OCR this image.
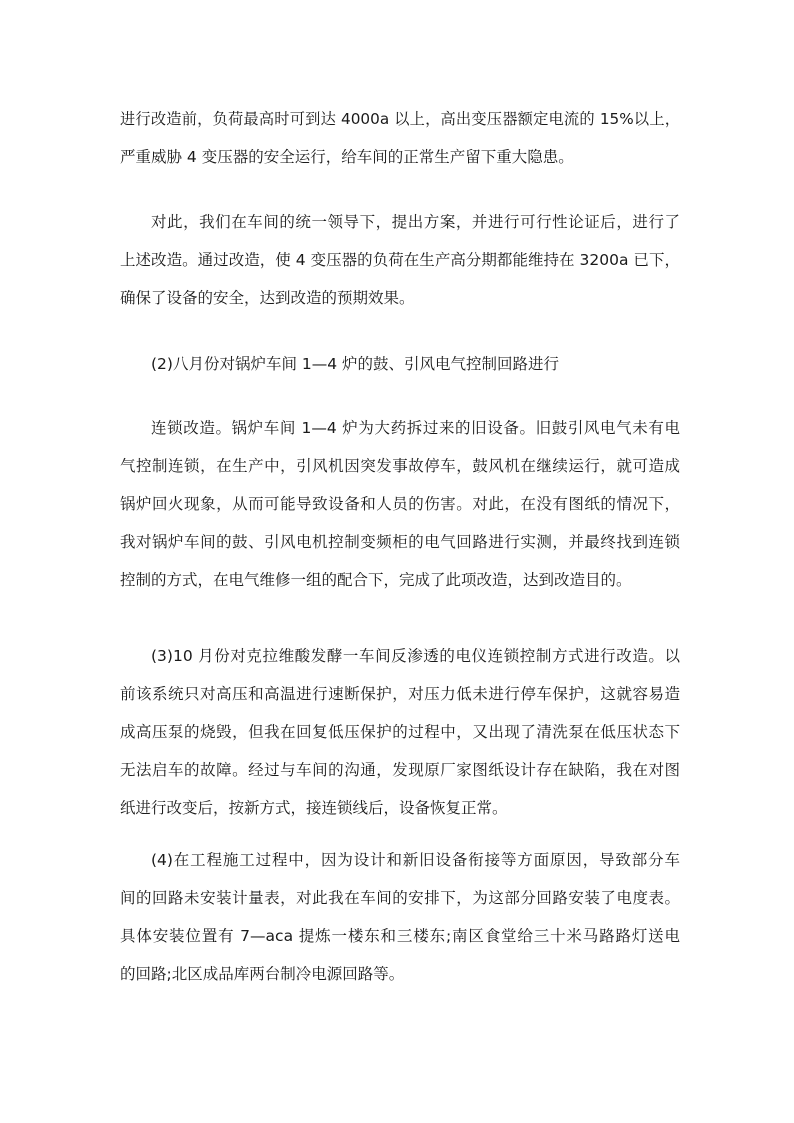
进行改造前，负荷最高时可到达 4000a 以上，高出变压器额定电流的 15%以上，
严重威胁 4 变压器的安全运行，给车间的正常生产留下重大隐患。

对此，我们在车间的统一领导下，提出方案，并进行可行性论证后，进行了
上述改造。通过改造，使 4 变压器的负荷在生产高分期都能维持在 3200a 已下，
确保了设备的安全，达到改造的预期效果。

(2)八月份对锅炉车间 1—4 炉的鼓、引风电气控制回路进行

连锁改造。锅炉车间 1—4 炉为大药拆过来的旧设备。旧鼓引风电气未有电
气控制连锁，在生产中，引风机因突发事故停车，鼓风机在继续运行，就可造成
锅炉回火现象，从而可能导致设备和人员的伤害。对此，在没有图纸的情况下，
我对锅炉车间的鼓、引风电机控制变频柜的电气回路进行实测，并最终找到连锁
控制的方式，在电气维修一组的配合下，完成了此项改造，达到改造目的。

(3)10 月份对克拉维酸发酵一车间反渗透的电仪连锁控制方式进行改造。以
前该系统只对高压和高温进行速断保护，对压力低未进行停车保护，这就容易造
成高压泵的烧毁，但我在回复低压保护的过程中，又出现了清洗泵在低压状态下
无法启车的故障。经过与车间的沟通，发现原厂家图纸设计存在缺陷，我在对图
纸进行改变后，按新方式，接连锁线后，设备恢复正常。

(4)在工程施工过程中，因为设计和新旧设备衔接等方面原因，导致部分车
间的回路未安装计量表，对此我在车间的安排下，为这部分回路安装了电度表。
具体安装位置有 7—aca 提炼一楼东和三楼东;南区食堂给三十米马路路灯送电
的回路;北区成品库两台制冷电源回路等。
